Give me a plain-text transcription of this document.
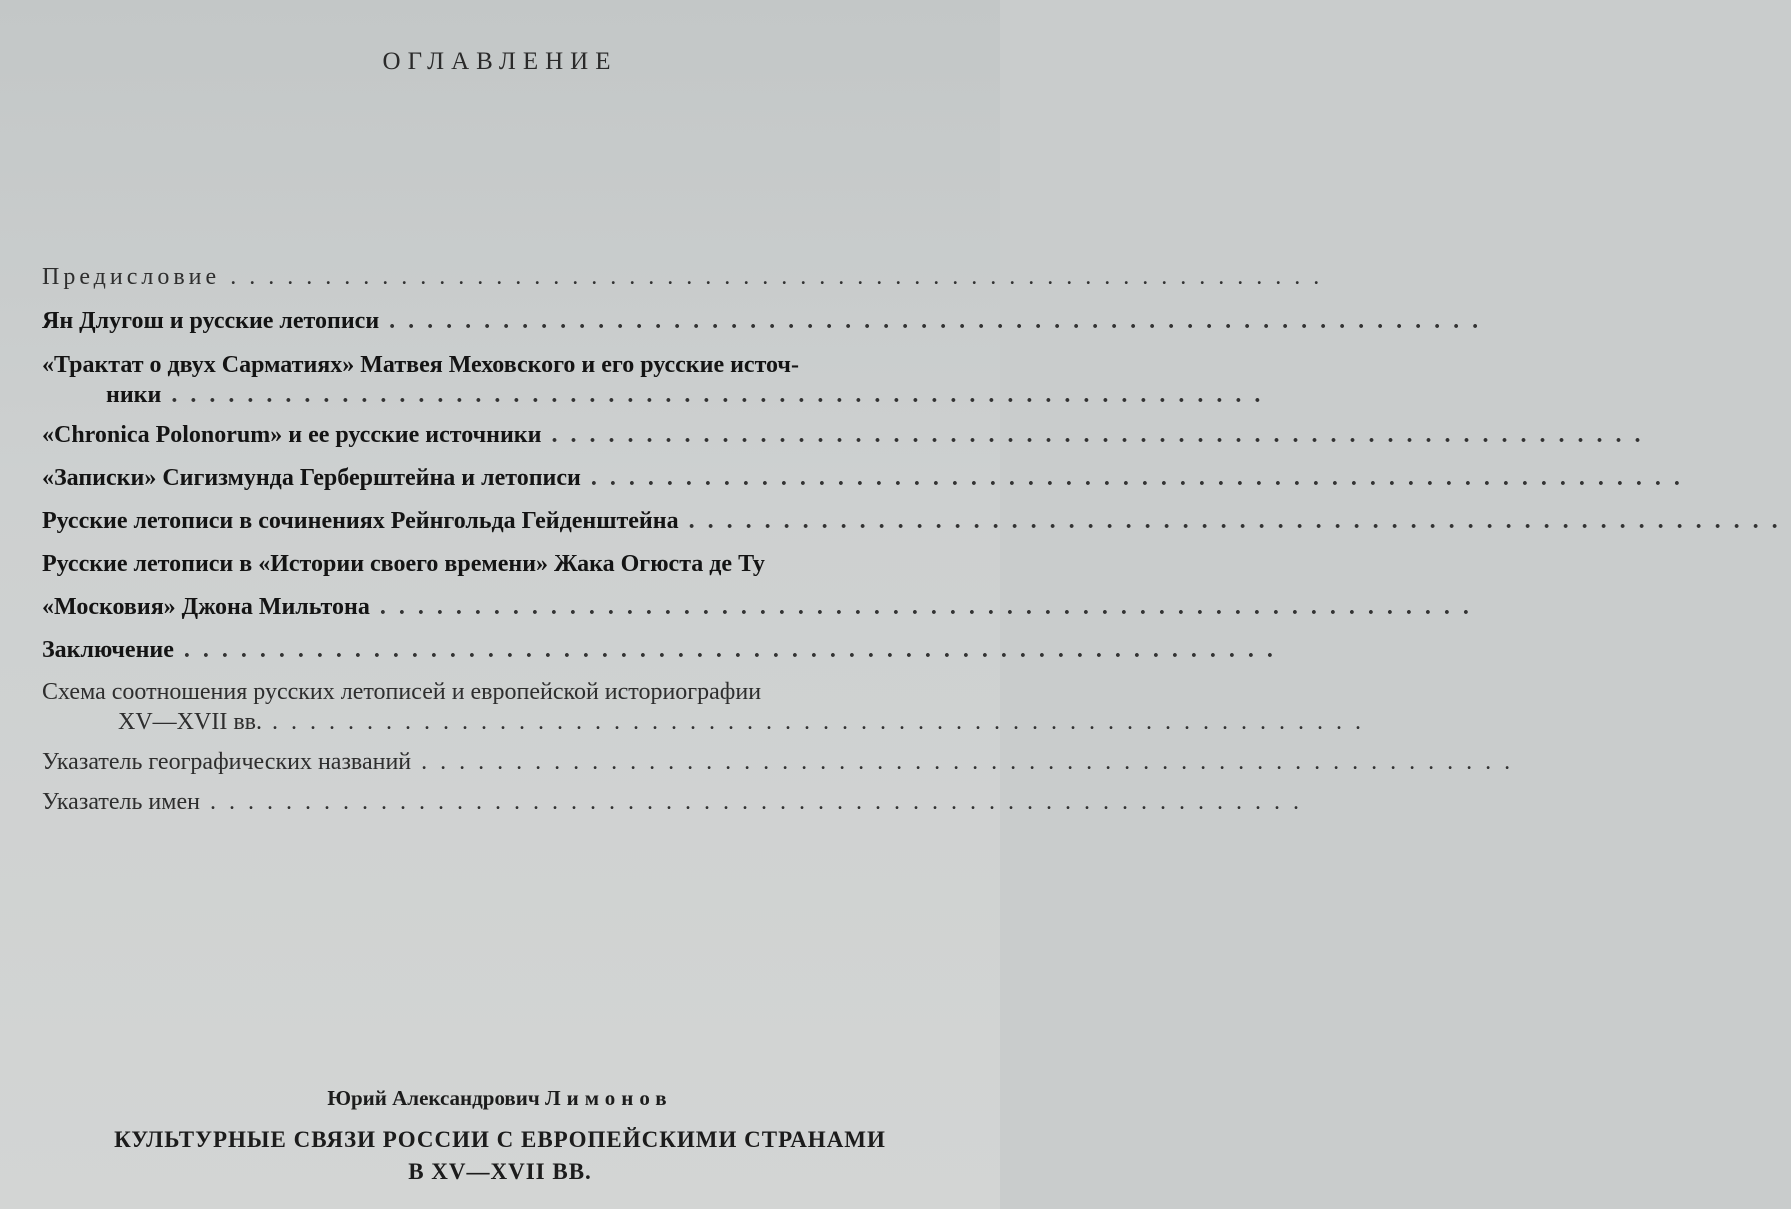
ОГЛАВЛЕНИЕ
Предисловие ..........................................................
Ян Длугош и русские летописи ..........................................................
«Трактат о двух Сарматиях» Матвея Меховского и его русские источ-
ники ..........................................................
«Chronica Polonorum» и ее русские источники ..........................................................
«Записки» Сигизмунда Герберштейна и летописи ..........................................................
Русские летописи в сочинениях Рейнгольда Гейденштейна ..........................................................
Русские летописи в «Истории своего времени» Жака Огюста де Ту
«Московия» Джона Мильтона ..........................................................
Заключение ..........................................................
Схема соотношения русских летописей и европейской историографии
XV—XVII вв. ..........................................................
Указатель географических названий ..........................................................
Указатель имен ..........................................................
Юрий Александрович Лимонов
КУЛЬТУРНЫЕ СВЯЗИ РОССИИ С ЕВРОПЕЙСКИМИ СТРАНАМИ
В XV—XVII ВВ.
